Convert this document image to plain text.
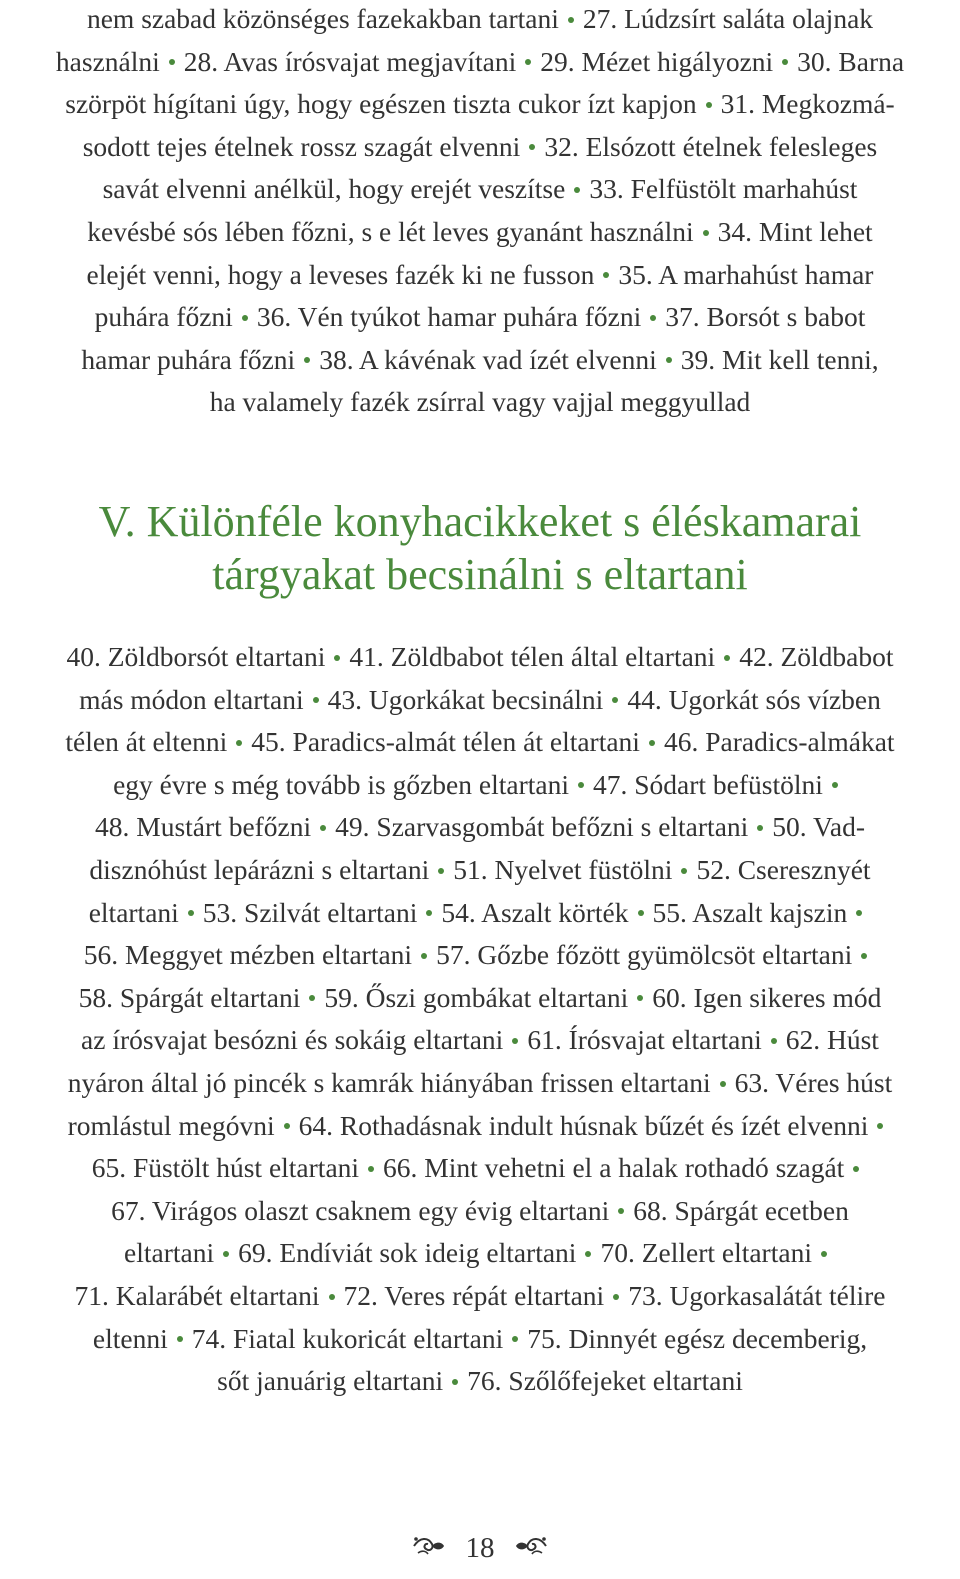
nem szabad közönséges fazekakban tartani 27. Lúdzsírt saláta olajnak
használni 28. Avas írósvajat megjavítani 29. Mézet higályozni 30. Barna
szörpöt hígítani úgy, hogy egészen tiszta cukor ízt kapjon 31. Megkozmá-
sodott tejes ételnek rossz szagát elvenni 32. Elsózott ételnek felesleges
savát elvenni anélkül, hogy erejét veszítse 33. Felfüstölt marhahúst
kevésbé sós lében főzni, s e lét leves gyanánt használni 34. Mint lehet
elejét venni, hogy a leveses fazék ki ne fusson 35. A marhahúst hamar
puhára főzni 36. Vén tyúkot hamar puhára főzni 37. Borsót s babot
hamar puhára főzni 38. A kávénak vad ízét elvenni 39. Mit kell tenni,
ha valamely fazék zsírral vagy vajjal meggyullad
V. Különféle konyhacikkeket s éléskamarai
tárgyakat becsinálni s eltartani
40. Zöldborsót eltartani 41. Zöldbabot télen által eltartani 42. Zöldbabot
más módon eltartani 43. Ugorkákat becsinálni 44. Ugorkát sós vízben
télen át eltenni 45. Paradics-almát télen át eltartani 46. Paradics-almákat
egy évre s még tovább is gőzben eltartani 47. Sódart befüstölni
48. Mustárt befőzni 49. Szarvasgombát befőzni s eltartani 50. Vad-
disznóhúst lepárázni s eltartani 51. Nyelvet füstölni 52. Cseresznyét
eltartani 53. Szilvát eltartani 54. Aszalt körték 55. Aszalt kajszin
56. Meggyet mézben eltartani 57. Gőzbe főzött gyümölcsöt eltartani
58. Spárgát eltartani 59. Őszi gombákat eltartani 60. Igen sikeres mód
az írósvajat besózni és sokáig eltartani 61. Írósvajat eltartani 62. Húst
nyáron által jó pincék s kamrák hiányában frissen eltartani 63. Véres húst
romlástul megóvni 64. Rothadásnak indult húsnak bűzét és ízét elvenni
65. Füstölt húst eltartani 66. Mint vehetni el a halak rothadó szagát
67. Virágos olaszt csaknem egy évig eltartani 68. Spárgát ecetben
eltartani 69. Endíviát sok ideig eltartani 70. Zellert eltartani
71. Kalarábét eltartani 72. Veres répát eltartani 73. Ugorkasalátát télire
eltenni 74. Fiatal kukoricát eltartani 75. Dinnyét egész decemberig,
sőt januárig eltartani 76. Szőlőfejeket eltartani
18
